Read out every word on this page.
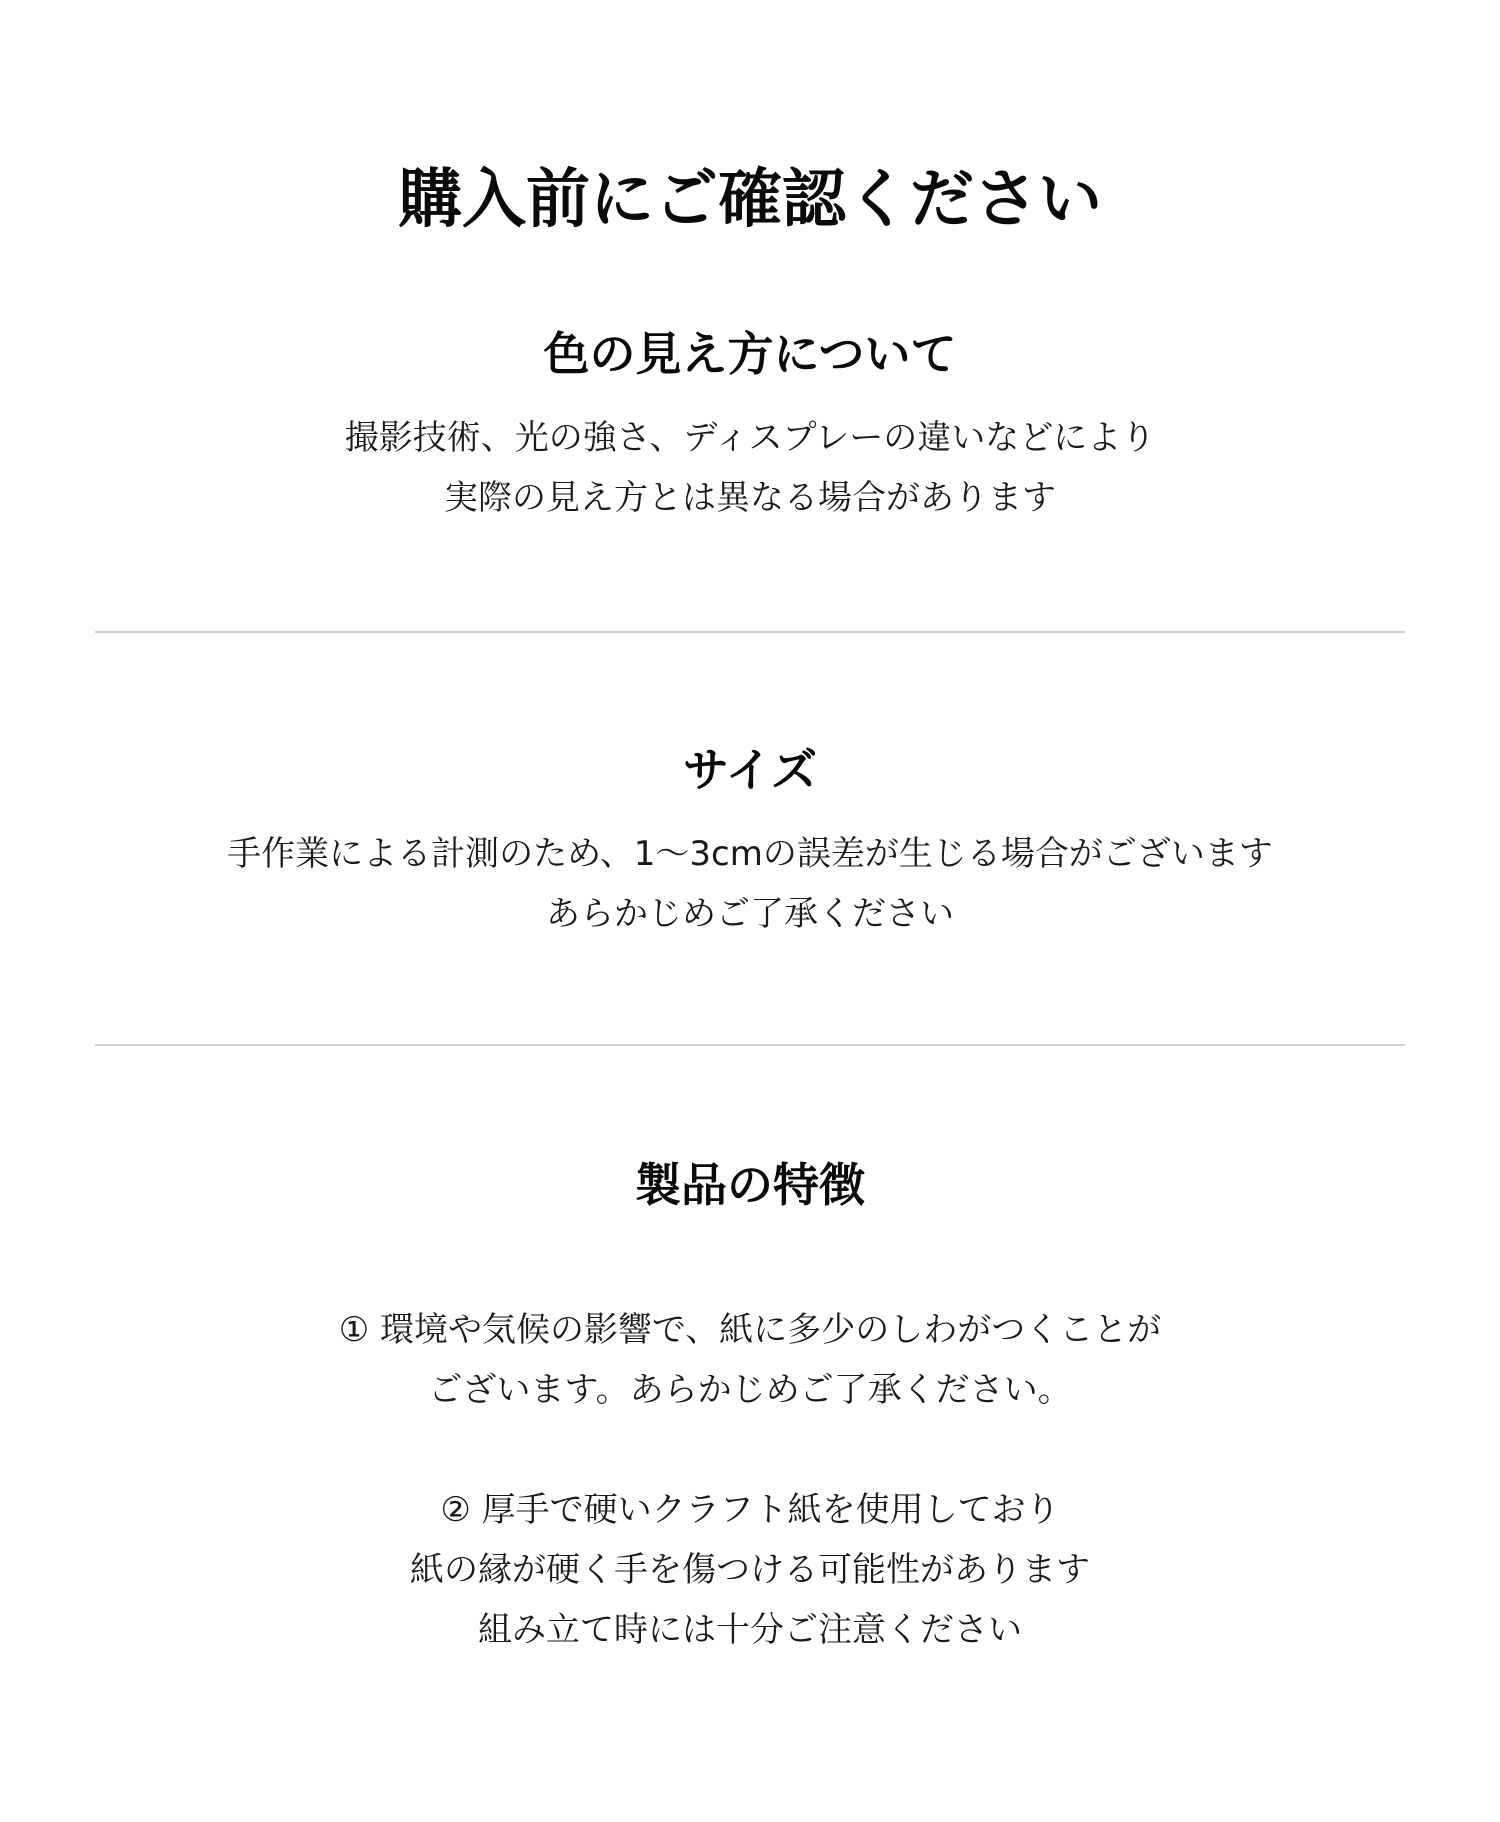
購入前にご確認ください
色の見え方について
撮影技術、光の強さ、ディスプレーの違いなどにより
実際の見え方とは異なる場合があります
サイズ
手作業による計測のため、1〜3cmの誤差が生じる場合がございます
あらかじめご了承ください
製品の特徴
① 環境や気候の影響で、紙に多少のしわがつくことが
ございます。あらかじめご了承ください。
② 厚手で硬いクラフト紙を使用しており
紙の縁が硬く手を傷つける可能性があります
組み立て時には十分ご注意ください
